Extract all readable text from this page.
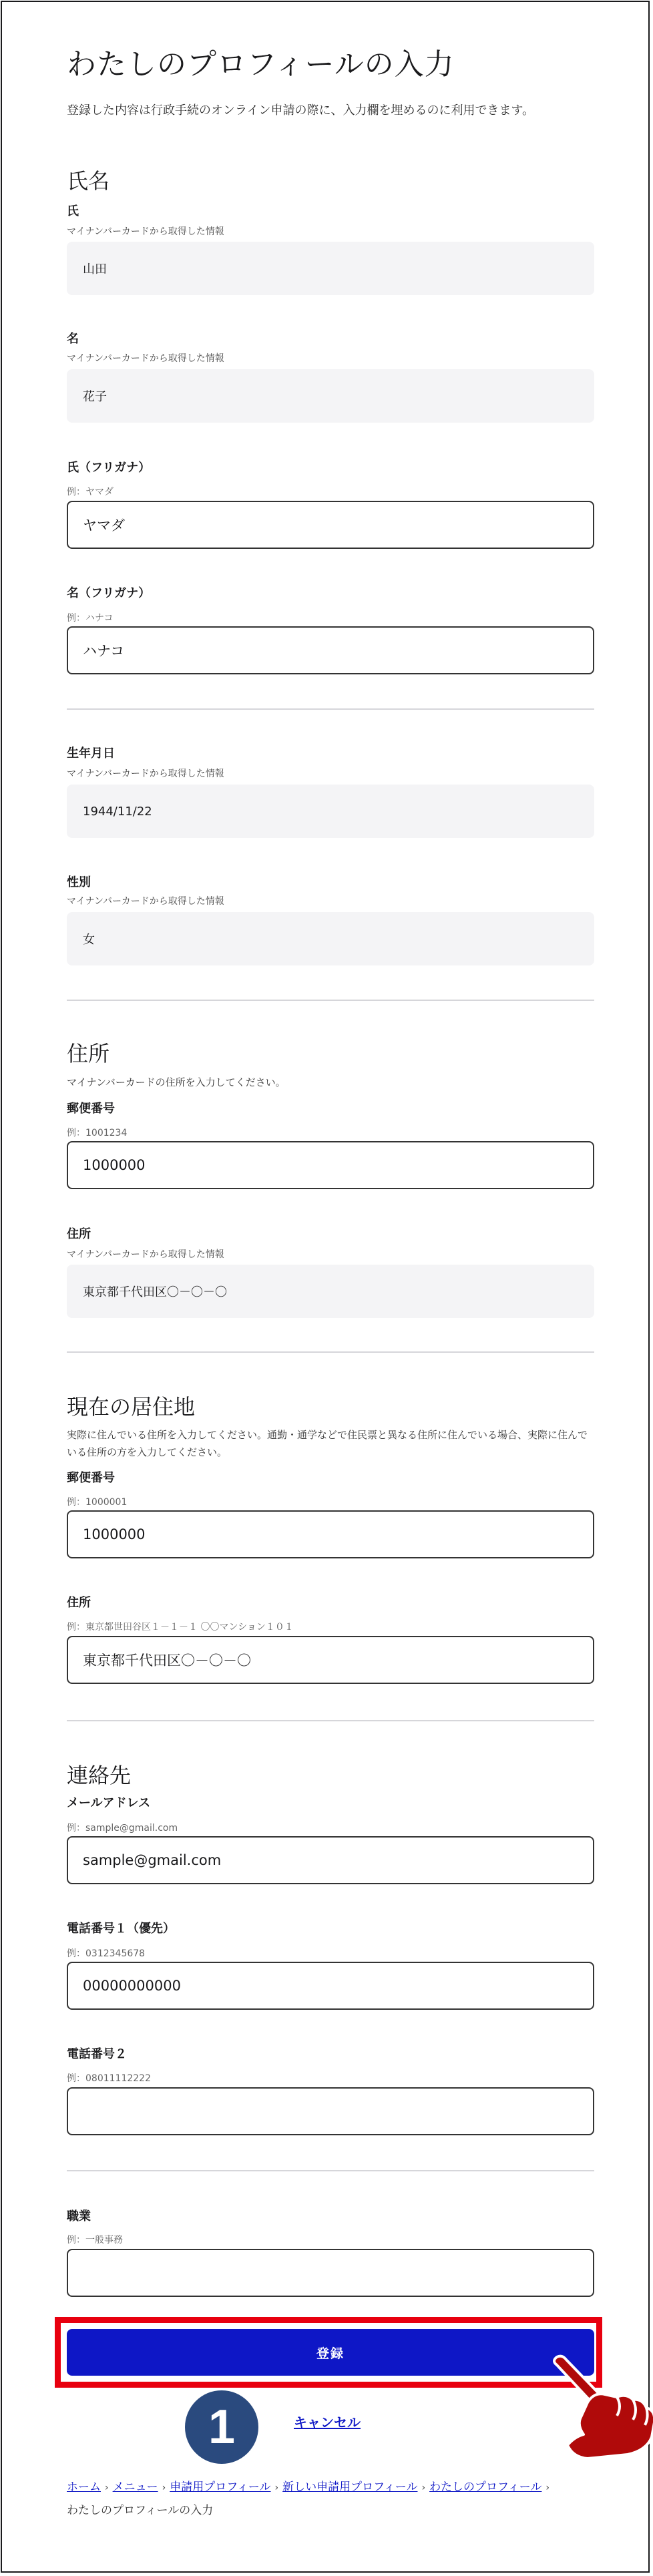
わたしのプロフィールの入力

登録した内容は行政手続のオンライン申請の際に、入力欄を埋めるのに利用できます。

氏名
氏
マイナンバーカードから取得した情報
山田
名
マイナンバーカードから取得した情報
花子
氏（フリガナ）
例：ヤマダ
ヤマダ
名（フリガナ）
例：ハナコ
ハナコ
生年月日
マイナンバーカードから取得した情報
1944/11/22
性別
マイナンバーカードから取得した情報
女
住所

マイナンバーカードの住所を入力してください。

郵便番号
例：1001234
1000000
住所
マイナンバーカードから取得した情報
東京都千代田区〇－〇－〇
現在の居住地

実際に住んでいる住所を入力してください。通勤・通学などで住民票と異なる住所に住んでいる場合、実際に住んでいる住所の方を入力してください。

郵便番号
例：1000001
1000000
住所
例：東京都世田谷区１－１－１ 〇〇マンション１０１
東京都千代田区〇－〇－〇
連絡先
メールアドレス
例：sample@gmail.com
sample@gmail.com
電話番号１（優先）
例：0312345678
00000000000
電話番号２
例：08011112222
職業
例：一般事務
登録
1	キャンセル
ホーム › メニュー › 申請用プロフィール › 新しい申請用プロフィール › わたしのプロフィール ›
わたしのプロフィールの入力
